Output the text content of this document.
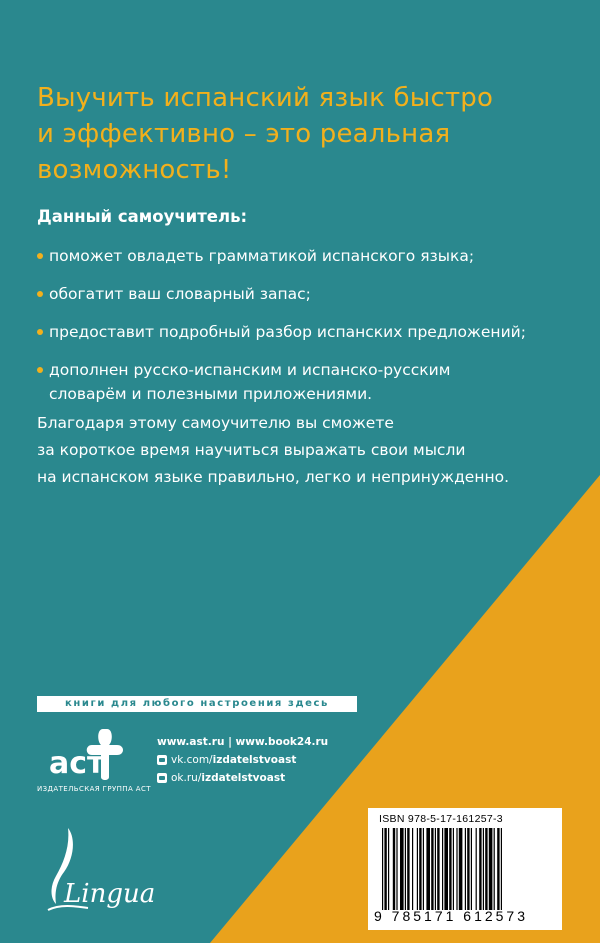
Выучить испанский язык быстро
и эффективно – это реальная
возможность!
Данный самоучитель:
поможет овладеть грамматикой испанского языка;
обогатит ваш словарный запас;
предоставит подробный разбор испанских предложений;
дополнен русско-испанским и испанско-русским
словарём и полезными приложениями.
Благодаря этому самоучителю вы сможете
за короткое время научиться выражать свои мысли
на испанском языке правильно, легко и непринужденно.
книги для любого настроения здесь
аст
ИЗДАТЕЛЬСКАЯ ГРУППА АСТ
www.ast.ru | www.book24.ru
vk.com/ izdatelstvoast
ok.ru/ izdatelstvoast
Lingua
ISBN 978-5-17-161257-3
9 785171 612573
